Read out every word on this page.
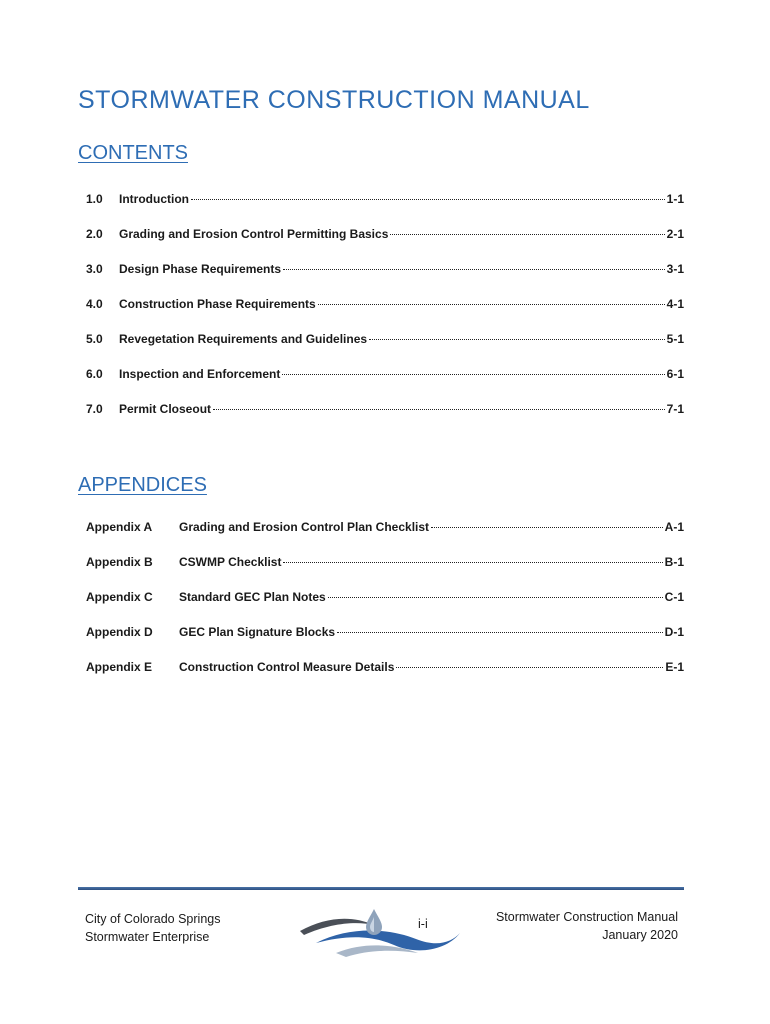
STORMWATER CONSTRUCTION MANUAL
CONTENTS
1.0	Introduction	1-1
2.0	Grading and Erosion Control Permitting Basics	2-1
3.0	Design Phase Requirements	3-1
4.0	Construction Phase Requirements	4-1
5.0	Revegetation Requirements and Guidelines	5-1
6.0	Inspection and Enforcement	6-1
7.0	Permit Closeout	7-1
APPENDICES
Appendix A	Grading and Erosion Control Plan Checklist	A-1
Appendix B	CSWMP Checklist	B-1
Appendix C	Standard GEC Plan Notes	C-1
Appendix D	GEC Plan Signature Blocks	D-1
Appendix E	Construction Control Measure Details	E-1
City of Colorado Springs
Stormwater Enterprise
i-i	Stormwater Construction Manual
January 2020
